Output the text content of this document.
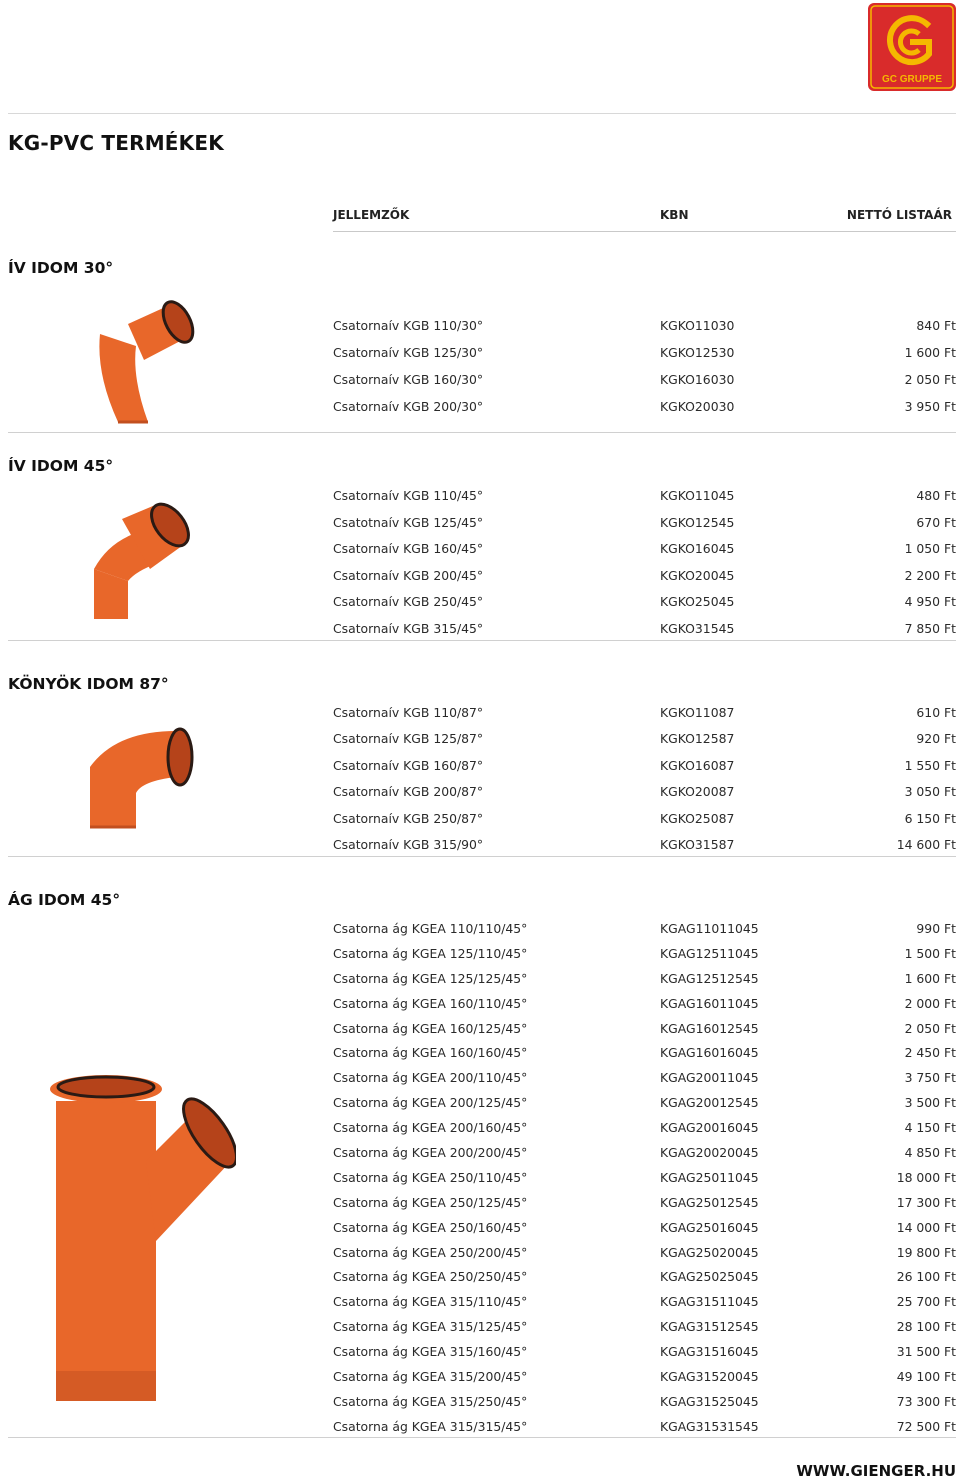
GC GRUPPE
KG-PVC TERMÉKEK
JELLEMZŐK	KBN	NETTÓ LISTAÁR
ÍV IDOM 30°
Csatornaív KGB 110/30°	KGKO11030	840 Ft
Csatornaív KGB 125/30°	KGKO12530	1 600 Ft
Csatornaív KGB 160/30°	KGKO16030	2 050 Ft
Csatornaív KGB 200/30°	KGKO20030	3 950 Ft
ÍV IDOM 45°
Csatornaív KGB 110/45°	KGKO11045	480 Ft
Csatotnaív KGB 125/45°	KGKO12545	670 Ft
Csatornaív KGB 160/45°	KGKO16045	1 050 Ft
Csatornaív KGB 200/45°	KGKO20045	2 200 Ft
Csatornaív KGB 250/45°	KGKO25045	4 950 Ft
Csatornaív KGB 315/45°	KGKO31545	7 850 Ft
KÖNYÖK IDOM 87°
Csatornaív KGB 110/87°	KGKO11087	610 Ft
Csatornaív KGB 125/87°	KGKO12587	920 Ft
Csatornaív KGB 160/87°	KGKO16087	1 550 Ft
Csatornaív KGB 200/87°	KGKO20087	3 050 Ft
Csatornaív KGB 250/87°	KGKO25087	6 150 Ft
Csatornaív KGB 315/90°	KGKO31587	14 600 Ft
ÁG IDOM 45°
Csatorna ág KGEA 110/110/45°	KGAG11011045	990 Ft
Csatorna ág KGEA 125/110/45°	KGAG12511045	1 500 Ft
Csatorna ág KGEA 125/125/45°	KGAG12512545	1 600 Ft
Csatorna ág KGEA 160/110/45°	KGAG16011045	2 000 Ft
Csatorna ág KGEA 160/125/45°	KGAG16012545	2 050 Ft
Csatorna ág KGEA 160/160/45°	KGAG16016045	2 450 Ft
Csatorna ág KGEA 200/110/45°	KGAG20011045	3 750 Ft
Csatorna ág KGEA 200/125/45°	KGAG20012545	3 500 Ft
Csatorna ág KGEA 200/160/45°	KGAG20016045	4 150 Ft
Csatorna ág KGEA 200/200/45°	KGAG20020045	4 850 Ft
Csatorna ág KGEA 250/110/45°	KGAG25011045	18 000 Ft
Csatorna ág KGEA 250/125/45°	KGAG25012545	17 300 Ft
Csatorna ág KGEA 250/160/45°	KGAG25016045	14 000 Ft
Csatorna ág KGEA 250/200/45°	KGAG25020045	19 800 Ft
Csatorna ág KGEA 250/250/45°	KGAG25025045	26 100 Ft
Csatorna ág KGEA 315/110/45°	KGAG31511045	25 700 Ft
Csatorna ág KGEA 315/125/45°	KGAG31512545	28 100 Ft
Csatorna ág KGEA 315/160/45°	KGAG31516045	31 500 Ft
Csatorna ág KGEA 315/200/45°	KGAG31520045	49 100 Ft
Csatorna ág KGEA 315/250/45°	KGAG31525045	73 300 Ft
Csatorna ág KGEA 315/315/45°	KGAG31531545	72 500 Ft
WWW.GIENGER.HU
